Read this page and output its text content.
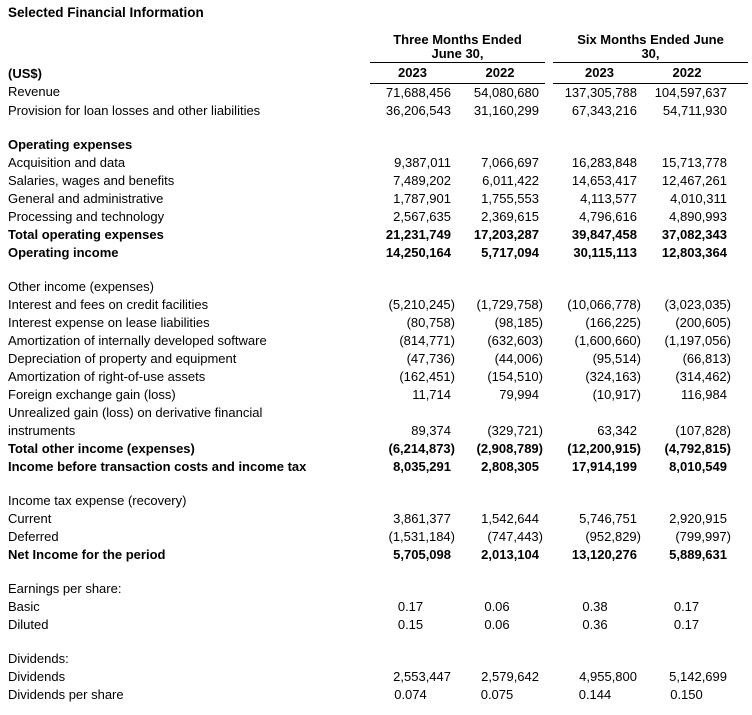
Selected Financial Information

Three Months Ended
June 30,

Six Months Ended June
30,

(US$)	2023	2022		2023	2022
Revenue	71,688,456	54,080,680		137,305,788	104,597,637
Provision for loan losses and other liabilities	36,206,543	31,160,299		67,343,216	54,711,930

Operating expenses					
Acquisition and data	9,387,011	7,066,697		16,283,848	15,713,778
Salaries, wages and benefits	7,489,202	6,011,422		14,653,417	12,467,261
General and administrative	1,787,901	1,755,553		4,113,577	4,010,311
Processing and technology	2,567,635	2,369,615		4,796,616	4,890,993
Total operating expenses	21,231,749	17,203,287		39,847,458	37,082,343
Operating income	14,250,164	5,717,094		30,115,113	12,803,364

Other income (expenses)					
Interest and fees on credit facilities	(5,210,245)	(1,729,758)		(10,066,778)	(3,023,035)
Interest expense on lease liabilities	(80,758)	(98,185)		(166,225)	(200,605)
Amortization of internally developed software	(814,771)	(632,603)		(1,600,660)	(1,197,056)
Depreciation of property and equipment	(47,736)	(44,006)		(95,514)	(66,813)
Amortization of right-of-use assets	(162,451)	(154,510)		(324,163)	(314,462)
Foreign exchange gain (loss)	11,714	79,994		(10,917)	116,984
Unrealized gain (loss) on derivative financial					
instruments	89,374	(329,721)		63,342	(107,828)
Total other income (expenses)	(6,214,873)	(2,908,789)		(12,200,915)	(4,792,815)
Income before transaction costs and income tax	8,035,291	2,808,305		17,914,199	8,010,549

Income tax expense (recovery)					
Current	3,861,377	1,542,644		5,746,751	2,920,915
Deferred	(1,531,184)	(747,443)		(952,829)	(799,997)
Net Income for the period	5,705,098	2,013,104		13,120,276	5,889,631

Earnings per share:					
Basic	0.17	0.06		0.38	0.17
Diluted	0.15	0.06		0.36	0.17

Dividends:					
Dividends	2,553,447	2,579,642		4,955,800	5,142,699
Dividends per share	0.074	0.075		0.144	0.150
